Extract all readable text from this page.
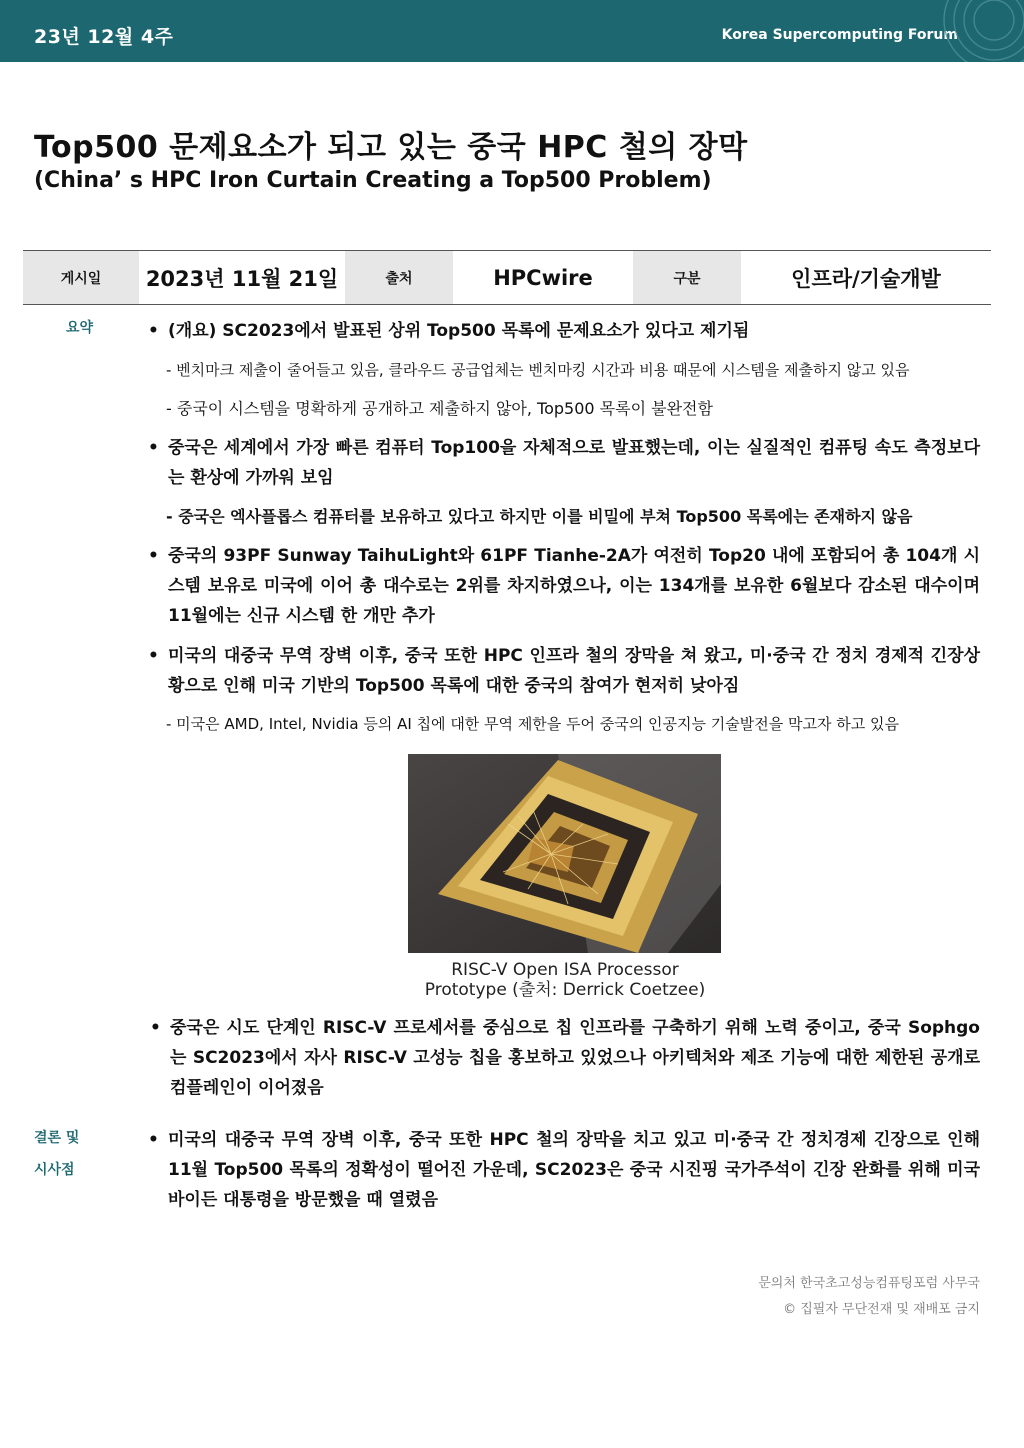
23년 12월 4주	Korea Supercomputing Forum
Top500 문제요소가 되고 있는 중국 HPC 철의 장막
(China’ s HPC Iron Curtain Creating a Top500 Problem)
게시일	2023년 11월 21일	출처	HPCwire	구분	인프라/기술개발
요약	• (개요) SC2023에서 발표된 상위 Top500 목록에 문제요소가 있다고 제기됨
- 벤치마크 제출이 줄어들고 있음, 클라우드 공급업체는 벤치마킹 시간과 비용 때문에 시스템을 제출하지 않고 있음
- 중국이 시스템을 명확하게 공개하고 제출하지 않아, Top500 목록이 불완전함
• 중국은 세계에서 가장 빠른 컴퓨터 Top100을 자체적으로 발표했는데, 이는 실질적인 컴퓨팅 속도 측정보다는 환상에 가까워 보임
- 중국은 엑사플롭스 컴퓨터를 보유하고 있다고 하지만 이를 비밀에 부쳐 Top500 목록에는 존재하지 않음
• 중국의 93PF Sunway TaihuLight와 61PF Tianhe-2A가 여전히 Top20 내에 포함되어 총 104개 시스템 보유로 미국에 이어 총 대수로는 2위를 차지하였으나, 이는 134개를 보유한 6월보다 감소된 대수이며 11월에는 신규 시스템 한 개만 추가
• 미국의 대중국 무역 장벽 이후, 중국 또한 HPC 인프라 철의 장막을 쳐 왔고, 미·중국 간 정치 경제적 긴장상황으로 인해 미국 기반의 Top500 목록에 대한 중국의 참여가 현저히 낮아짐
- 미국은 AMD, Intel, Nvidia 등의 AI 칩에 대한 무역 제한을 두어 중국의 인공지능 기술발전을 막고자 하고 있음
RISC-V Open ISA Processor
Prototype (출처: Derrick Coetzee)
• 중국은 시도 단계인 RISC-V 프로세서를 중심으로 칩 인프라를 구축하기 위해 노력 중이고, 중국 Sophgo는 SC2023에서 자사 RISC-V 고성능 칩을 홍보하고 있었으나 아키텍처와 제조 기능에 대한 제한된 공개로 컴플레인이 이어졌음
결론 및
시사점
• 미국의 대중국 무역 장벽 이후, 중국 또한 HPC 철의 장막을 치고 있고 미·중국 간 정치경제 긴장으로 인해 11월 Top500 목록의 정확성이 떨어진 가운데, SC2023은 중국 시진핑 국가주석이 긴장 완화를 위해 미국 바이든 대통령을 방문했을 때 열렸음
문의처 한국초고성능컴퓨팅포럼 사무국
© 집필자 무단전재 및 재배포 금지
